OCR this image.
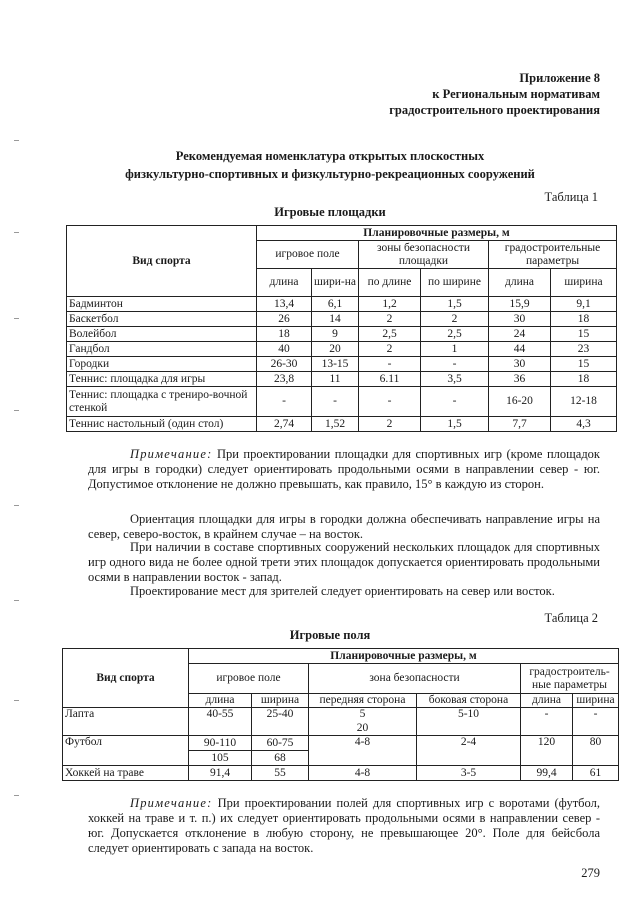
Приложение 8
к Региональным нормативам
градостроительного проектирования
Рекомендуемая номенклатура открытых плоскостных
физкультурно-спортивных и физкультурно-рекреационных сооружений
Таблица 1
Игровые площадки
Вид спорта	Планировочные размеры, м					
	игровое поле		зоны безопасности площадки		градостроительные параметры	
	длина	шири-на	по длине	по ширине	длина	ширина
Бадминтон	13,4	6,1	1,2	1,5	15,9	9,1
Баскетбол	26	14	2	2	30	18
Волейбол	18	9	2,5	2,5	24	15
Гандбол	40	20	2	1	44	23
Городки	26-30	13-15	-	-	30	15
Теннис: площадка для игры	23,8	11	6.11	3,5	36	18
Теннис: площадка с трениро-вочной стенкой	-	-	-	-	16-20	12-18
Теннис настольный (один стол)	2,74	1,52	2	1,5	7,7	4,3
Примечание: При проектировании площадки для спортивных игр (кроме площадок для игры в городки) следует ориентировать продольными осями в направлении север - юг. Допустимое отклонение не должно превышать, как правило, 15° в каждую из сторон.
Ориентация площадки для игры в городки должна обеспечивать направление игры на север, северо-восток, в крайнем случае – на восток.
При наличии в составе спортивных сооружений нескольких площадок для спортивных игр одного вида не более одной трети этих площадок допускается ориентировать продольными осями в направлении восток - запад.
Проектирование мест для зрителей следует ориентировать на север или восток.
Таблица 2
Игровые поля
Вид спорта	Планировочные размеры, м					
	игровое поле		зона безопасности		градостроитель-ные параметры	
	длина	ширина	передняя сторона	боковая сторона	длина	ширина
Лапта	40-55	25-40	5	5-10	-	-
			20			
Футбол	90-110	60-75	4-8	2-4	120	80
	105	68				
Хоккей на траве	91,4	55	4-8	3-5	99,4	61
Примечание: При проектировании полей для спортивных игр с воротами (футбол, хоккей на траве и т. п.) их следует ориентировать продольными осями в направлении север - юг. Допускается отклонение в любую сторону, не превышающее 20°. Поле для бейсбола следует ориентировать с запада на восток.
279
